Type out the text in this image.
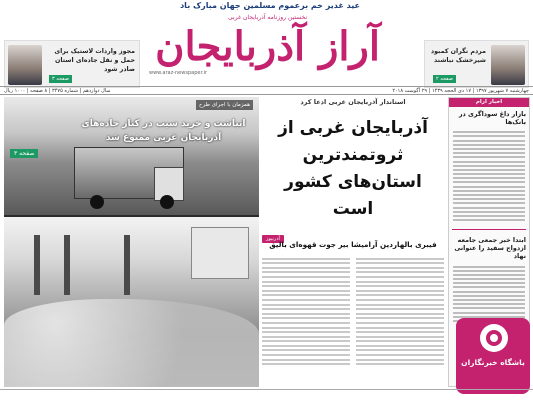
عید غدیر خم برعموم مسلمین جهان مبارک باد
نخستین روزنامه آذربایجان غربی
آراز آذربایجان
www.araz-newspaper.ir
مجوز واردات لاستیک برای حمل و نقل جاده‌ای استان صادر شود
صفحه ۳
مردم نگران کمبود شیرخشک نباشند
صفحه ۲
چهارشنبه ۷ شهریور ۱۳۹۷ | ۱۷ ذی الحجه ۱۴۳۹ | ۲۹ آگوست ۲۰۱۸
سال دوازدهم | شماره ۳۴۷۵ | ۸ صفحه | ۱۰۰۰ ریال
اخبار ارام
بازار داغ سوداگری در بانک‌ها
ابتدا خبر جمعی جامعه ازدواج سفید را عنوانی نهاد
استاندار آذربایجان غربی ادعا کرد
آذربایجان غربی از ثروتمندترین استان‌های کشور است
آذرنیوز
فیبری بالهاردین آرامیشا بیر جوت قهوه‌ای بالیق
همزمان با اجرای طرح
انباشت و خرید سیب در کنار جاده‌های آذربایجان غربی ممنوع شد
صفحه ۳
باشگاه خبرنگاران
